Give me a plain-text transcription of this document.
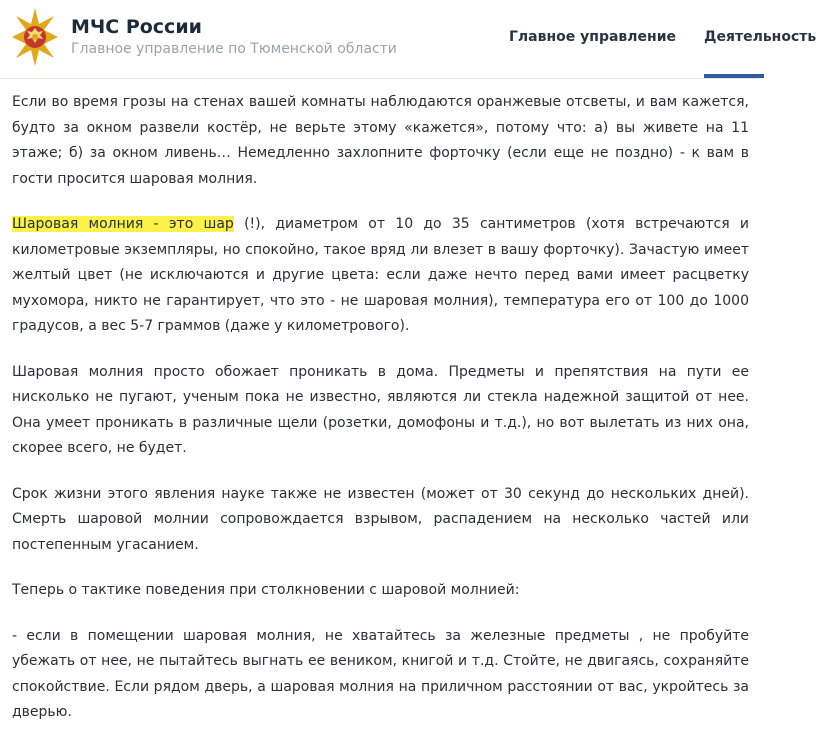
МЧС России
Главное управление по Тюменской области
Главное управление Деятельность

Если во время грозы на стенах вашей комнаты наблюдаются оранжевые отсветы, и вам кажется, будто за окном развели костёр, не верьте этому «кажется», потому что: а) вы живете на 11 этаже; б) за окном ливень… Немедленно захлопните форточку (если еще не поздно) - к вам в гости просится шаровая молния.

Шаровая молния - это шар (!), диаметром от 10 до 35 сантиметров (хотя встречаются и километровые экземпляры, но спокойно, такое вряд ли влезет в вашу форточку). Зачастую имеет желтый цвет (не исключаются и другие цвета: если даже нечто перед вами имеет расцветку мухомора, никто не гарантирует, что это - не шаровая молния), температура его от 100 до 1000 градусов, а вес 5-7 граммов (даже у километрового).

Шаровая молния просто обожает проникать в дома. Предметы и препятствия на пути ее нисколько не пугают, ученым пока не известно, являются ли стекла надежной защитой от нее. Она умеет проникать в различные щели (розетки, домофоны и т.д.), но вот вылетать из них она, скорее всего, не будет.

Срок жизни этого явления науке также не известен (может от 30 секунд до нескольких дней). Смерть шаровой молнии сопровождается взрывом, распадением на несколько частей или постепенным угасанием.

Теперь о тактике поведения при столкновении с шаровой молнией:

- если в помещении шаровая молния, не хватайтесь за железные предметы , не пробуйте убежать от нее, не пытайтесь выгнать ее веником, книгой и т.д. Стойте, не двигаясь, сохраняйте спокойствие. Если рядом дверь, а шаровая молния на приличном расстоянии от вас, укройтесь за дверью.
